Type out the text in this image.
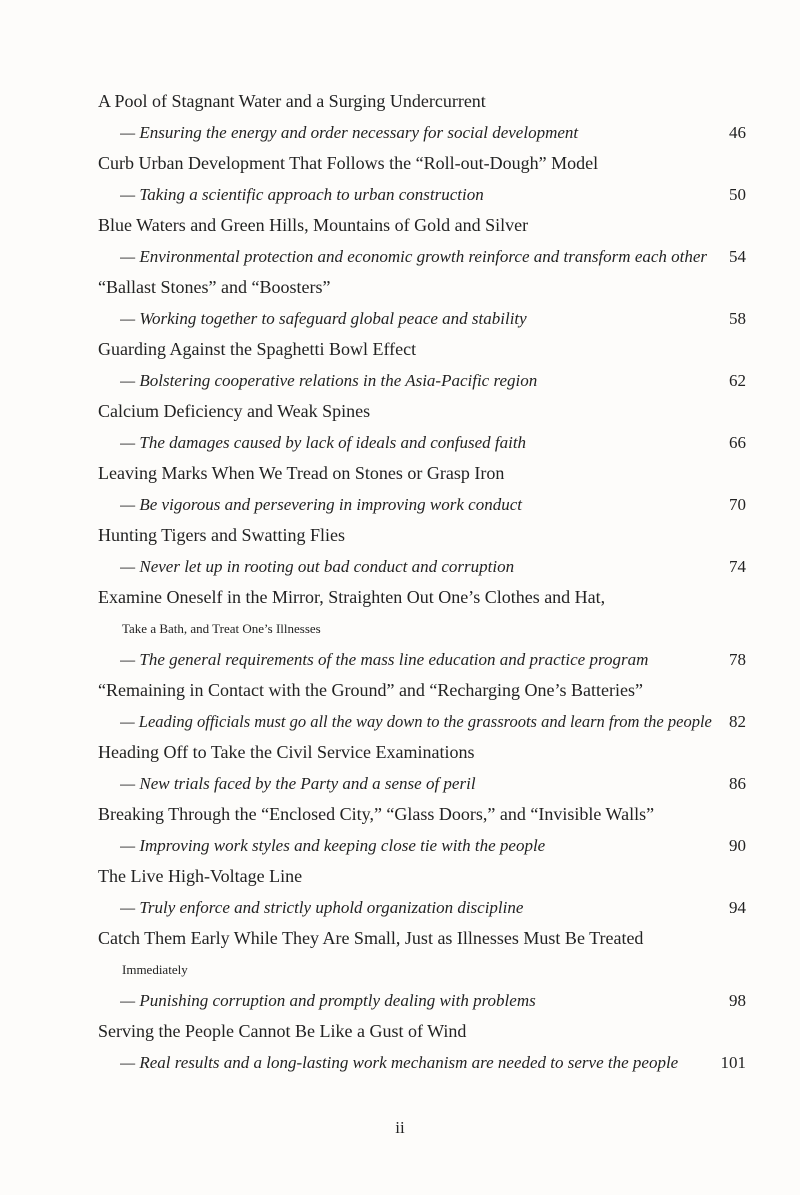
A Pool of Stagnant Water and a Surging Undercurrent
— Ensuring the energy and order necessary for social development	46
Curb Urban Development That Follows the “Roll-out-Dough” Model
— Taking a scientific approach to urban construction	50
Blue Waters and Green Hills, Mountains of Gold and Silver
— Environmental protection and economic growth reinforce and transform each other	54
“Ballast Stones” and “Boosters”
— Working together to safeguard global peace and stability	58
Guarding Against the Spaghetti Bowl Effect
— Bolstering cooperative relations in the Asia-Pacific region	62
Calcium Deficiency and Weak Spines
— The damages caused by lack of ideals and confused faith	66
Leaving Marks When We Tread on Stones or Grasp Iron
— Be vigorous and persevering in improving work conduct	70
Hunting Tigers and Swatting Flies
— Never let up in rooting out bad conduct and corruption	74
Examine Oneself in the Mirror, Straighten Out One’s Clothes and Hat,
Take a Bath, and Treat One’s Illnesses
— The general requirements of the mass line education and practice program	78
“Remaining in Contact with the Ground” and “Recharging One’s Batteries”
— Leading officials must go all the way down to the grassroots and learn from the people	82
Heading Off to Take the Civil Service Examinations
— New trials faced by the Party and a sense of peril	86
Breaking Through the “Enclosed City,” “Glass Doors,” and “Invisible Walls”
— Improving work styles and keeping close tie with the people	90
The Live High-Voltage Line
— Truly enforce and strictly uphold organization discipline	94
Catch Them Early While They Are Small, Just as Illnesses Must Be Treated
Immediately
— Punishing corruption and promptly dealing with problems	98
Serving the People Cannot Be Like a Gust of Wind
— Real results and a long-lasting work mechanism are needed to serve the people	101
ii
